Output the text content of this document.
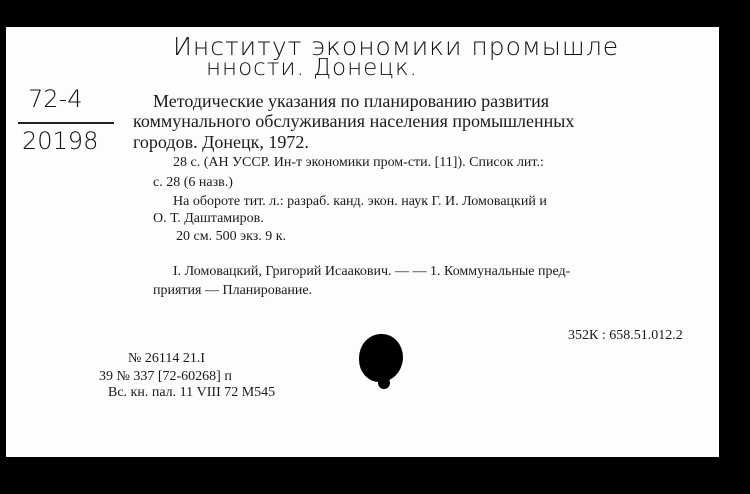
Институт экономики промышле
нности. Донецк.
72-4
20198
Методические указания по планированию развития
коммунального обслуживания населения промышленных
городов. Донецк, 1972.
28 с. (АН УССР. Ин-т экономики пром-сти. [11]). Список лит.:
с. 28 (6 назв.)
На обороте тит. л.: разраб. канд. экон. наук Г. И. Ломовацкий и
О. Т. Даштамиров.
20 см. 500 экз. 9 к.
I. Ломовацкий, Григорий Исаакович. — — 1. Коммунальные пред-
приятия — Планирование.
352К : 658.51.012.2
№ 26114 21.I
39 № 337 [72-60268] п
Вс. кн. пал. 11 VIII 72 М545
